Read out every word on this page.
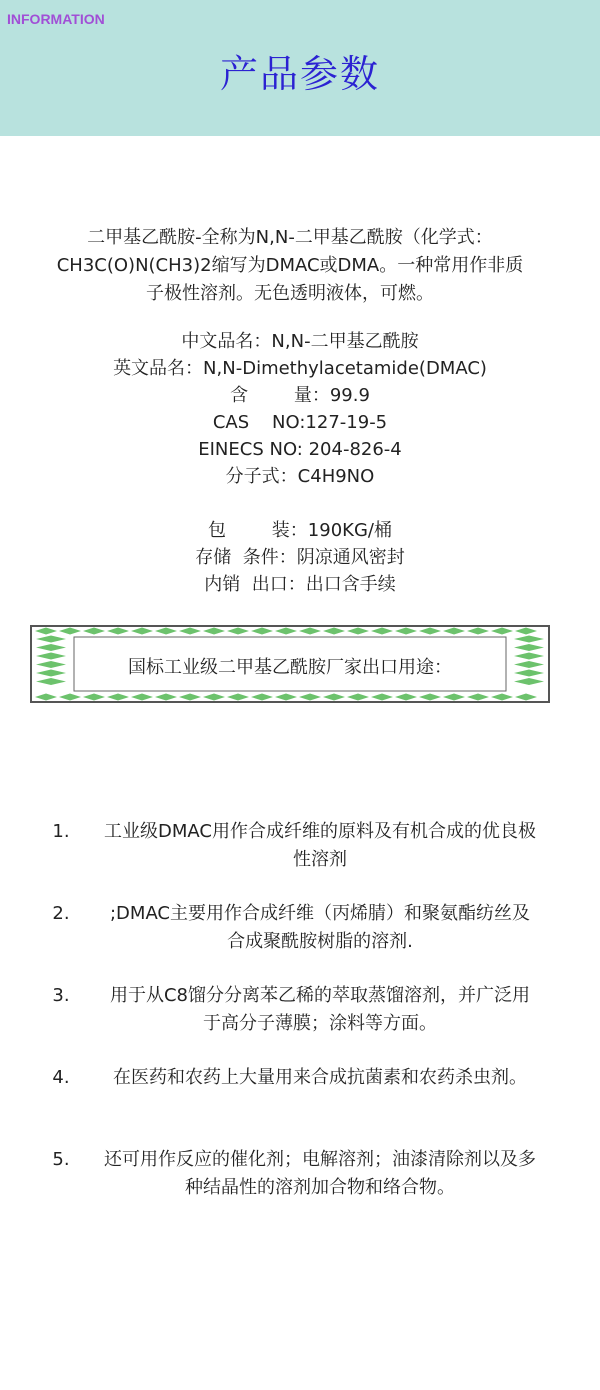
INFORMATION
产品参数
二甲基乙酰胺-全称为N,N-二甲基乙酰胺（化学式：CH3C(O)N(CH3)2缩写为DMAC或DMA。一种常用作非质子极性溶剂。无色透明液体，可燃。
中文品名：N,N-二甲基乙酰胺
英文品名：N,N-Dimethylacetamide(DMAC)
含        量：99.9
CAS    NO:127-19-5
EINECS NO: 204-826-4
分子式：C4H9NO
包        装：190KG/桶
存储  条件：阴凉通风密封
内销  出口：出口含手续
国标工业级二甲基乙酰胺厂家出口用途：
1.	工业级DMAC用作合成纤维的原料及有机合成的优良极性溶剂
2.	;DMAC主要用作合成纤维（丙烯腈）和聚氨酯纺丝及合成聚酰胺树脂的溶剂.
3.	用于从C8馏分分离苯乙稀的萃取蒸馏溶剂，并广泛用于高分子薄膜；涂料等方面。
4.	在医药和农药上大量用来合成抗菌素和农药杀虫剂。
5.	还可用作反应的催化剂；电解溶剂；油漆清除剂以及多种结晶性的溶剂加合物和络合物。
